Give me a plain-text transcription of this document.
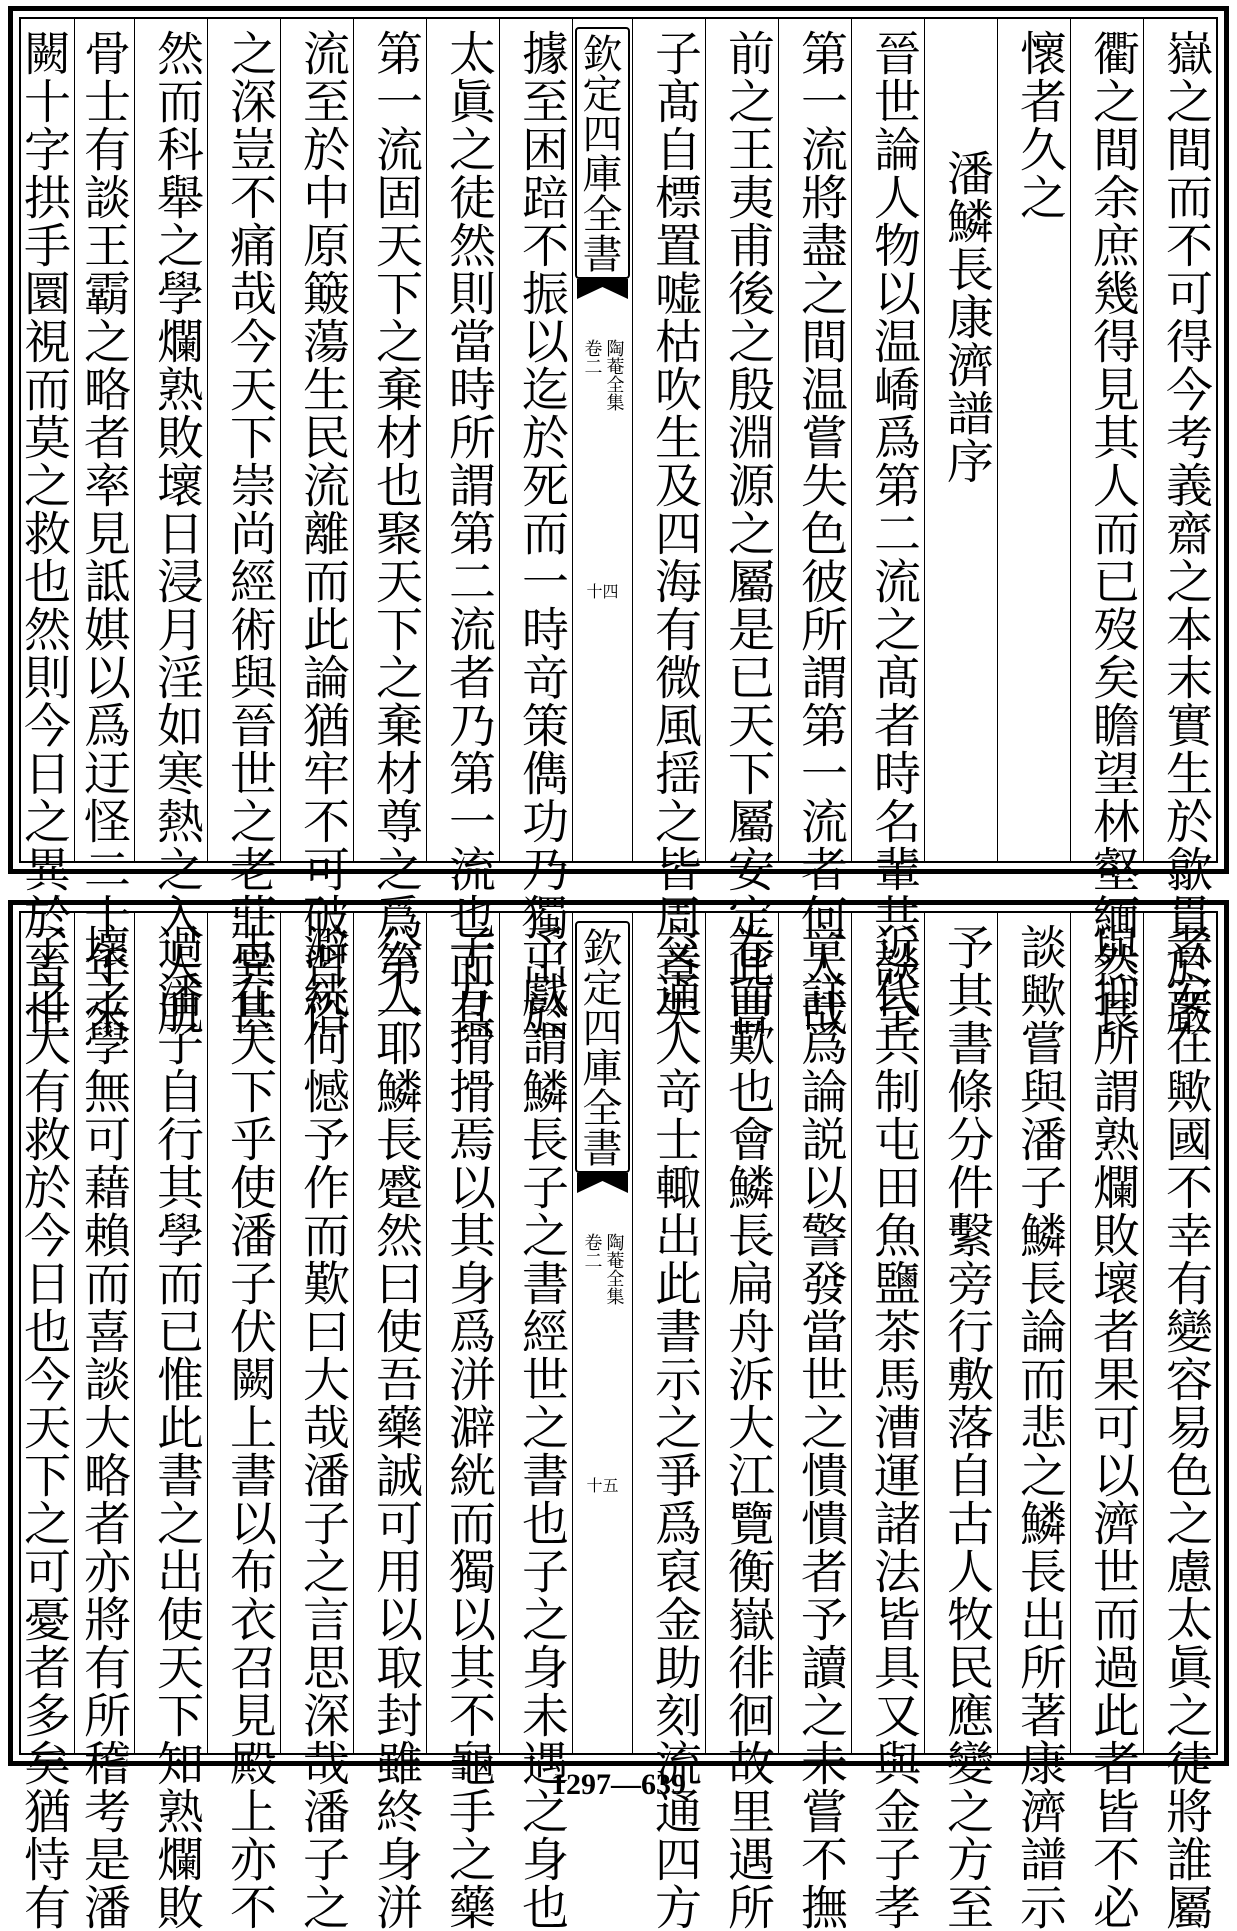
嶽之間而不可得今考義齋之本末實生於歙貫於嚴
衢之間余庶幾得見其人而已歿矣瞻望林壑緬然長
懷者久之
潘鱗長康濟譜序
晉世論人物以温嶠爲第二流之髙者時名輩共談至
第一流將盡之間温嘗失色彼所謂第一流者何人哉
前之王夷甫後之殷淵源之屬是已天下屬安定此曹
子髙自標置嘘枯吹生及四海有微風揺之皆周章失
欽定四庫全書
卷二 陶菴全集
十四
據至困踣不振以迄於死而一時竒策儁功乃獨出於
太眞之徒然則當時所謂第二流者乃第一流也而其
第一流固天下之棄材也聚天下之棄材尊之爲第一
流至於中原簸蕩生民流離而此論猶牢不可破習俗
之深豈不痛哉今天下崇尚經術與晉世之老莊異甚
然而科舉之學爛熟敗壞日浸月淫如寒熱之入人肌
骨士有談王霸之略者率見詆娸以爲迂怪二十年來
闕十字拱手圜視而莫之救也然則今日之異於晉世
者安在歟國不幸有變容易色之慮太眞之徒將誰屬
與抑所謂熟爛敗壞者果可以濟世而過此者皆不必
談歟嘗與潘子鱗長論而悲之鱗長出所著康濟譜示
予其書條分件繫旁行敷落自古人牧民應變之方至
近代兵制屯田魚鹽茶馬漕運諸法皆具又與金子孝
章詳爲論説以警發當世之憒憒者予讀之未嘗不撫
卷而歎也會鱗長扁舟泝大江覽衡嶽徘徊故里遇所
交通人竒士輙出此書示之爭爲裒金助刻流通四方
欽定四庫全書
卷二 陶菴全集
十五
予戲謂鱗長子之書經世之書也子之身未遇之身也
子方搰搰焉以其身爲洴澼絖而獨以其不龜手之藥
公人耶鱗長蹙然曰使吾藥誠可用以取封雖終身洴
澼絖何憾予作而歎曰大哉潘子之言思深哉潘子之
志在天下乎使潘子伏闕上書以布衣召見殿上亦不
過潘子自行其學而已惟此書之出使天下知熟爛敗
壞之學無可藉賴而喜談大略者亦將有所稽考是潘
子之大有救於今日也今天下之可憂者多矣猶恃有	1297—639
